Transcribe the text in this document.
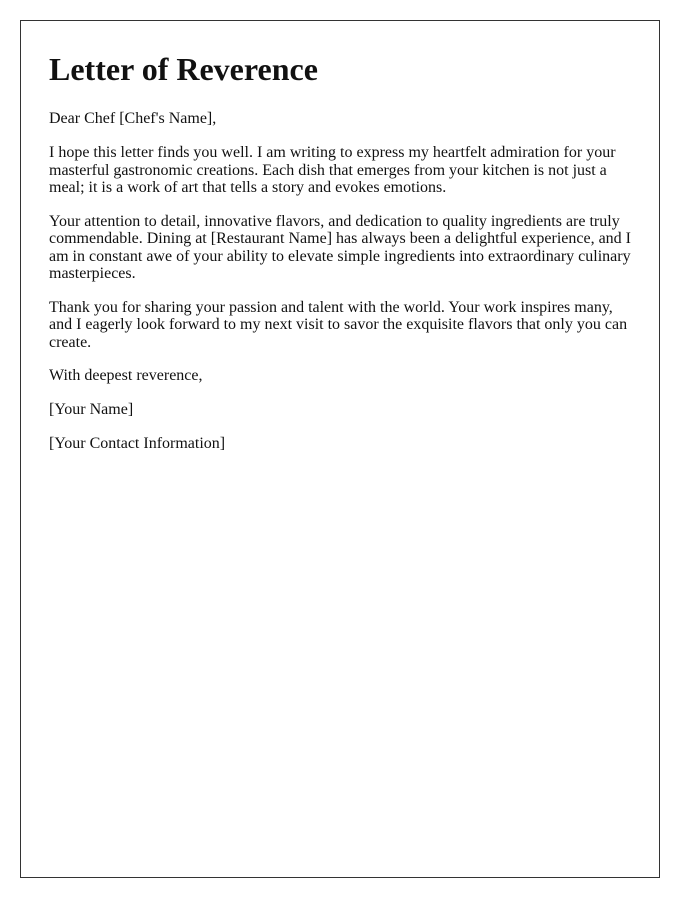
Letter of Reverence

Dear Chef [Chef's Name],

I hope this letter finds you well. I am writing to express my heartfelt admiration for your masterful gastronomic creations. Each dish that emerges from your kitchen is not just a meal; it is a work of art that tells a story and evokes emotions.

Your attention to detail, innovative flavors, and dedication to quality ingredients are truly commendable. Dining at [Restaurant Name] has always been a delightful experience, and I am in constant awe of your ability to elevate simple ingredients into extraordinary culinary masterpieces.

Thank you for sharing your passion and talent with the world. Your work inspires many, and I eagerly look forward to my next visit to savor the exquisite flavors that only you can create.

With deepest reverence,

[Your Name]

[Your Contact Information]
